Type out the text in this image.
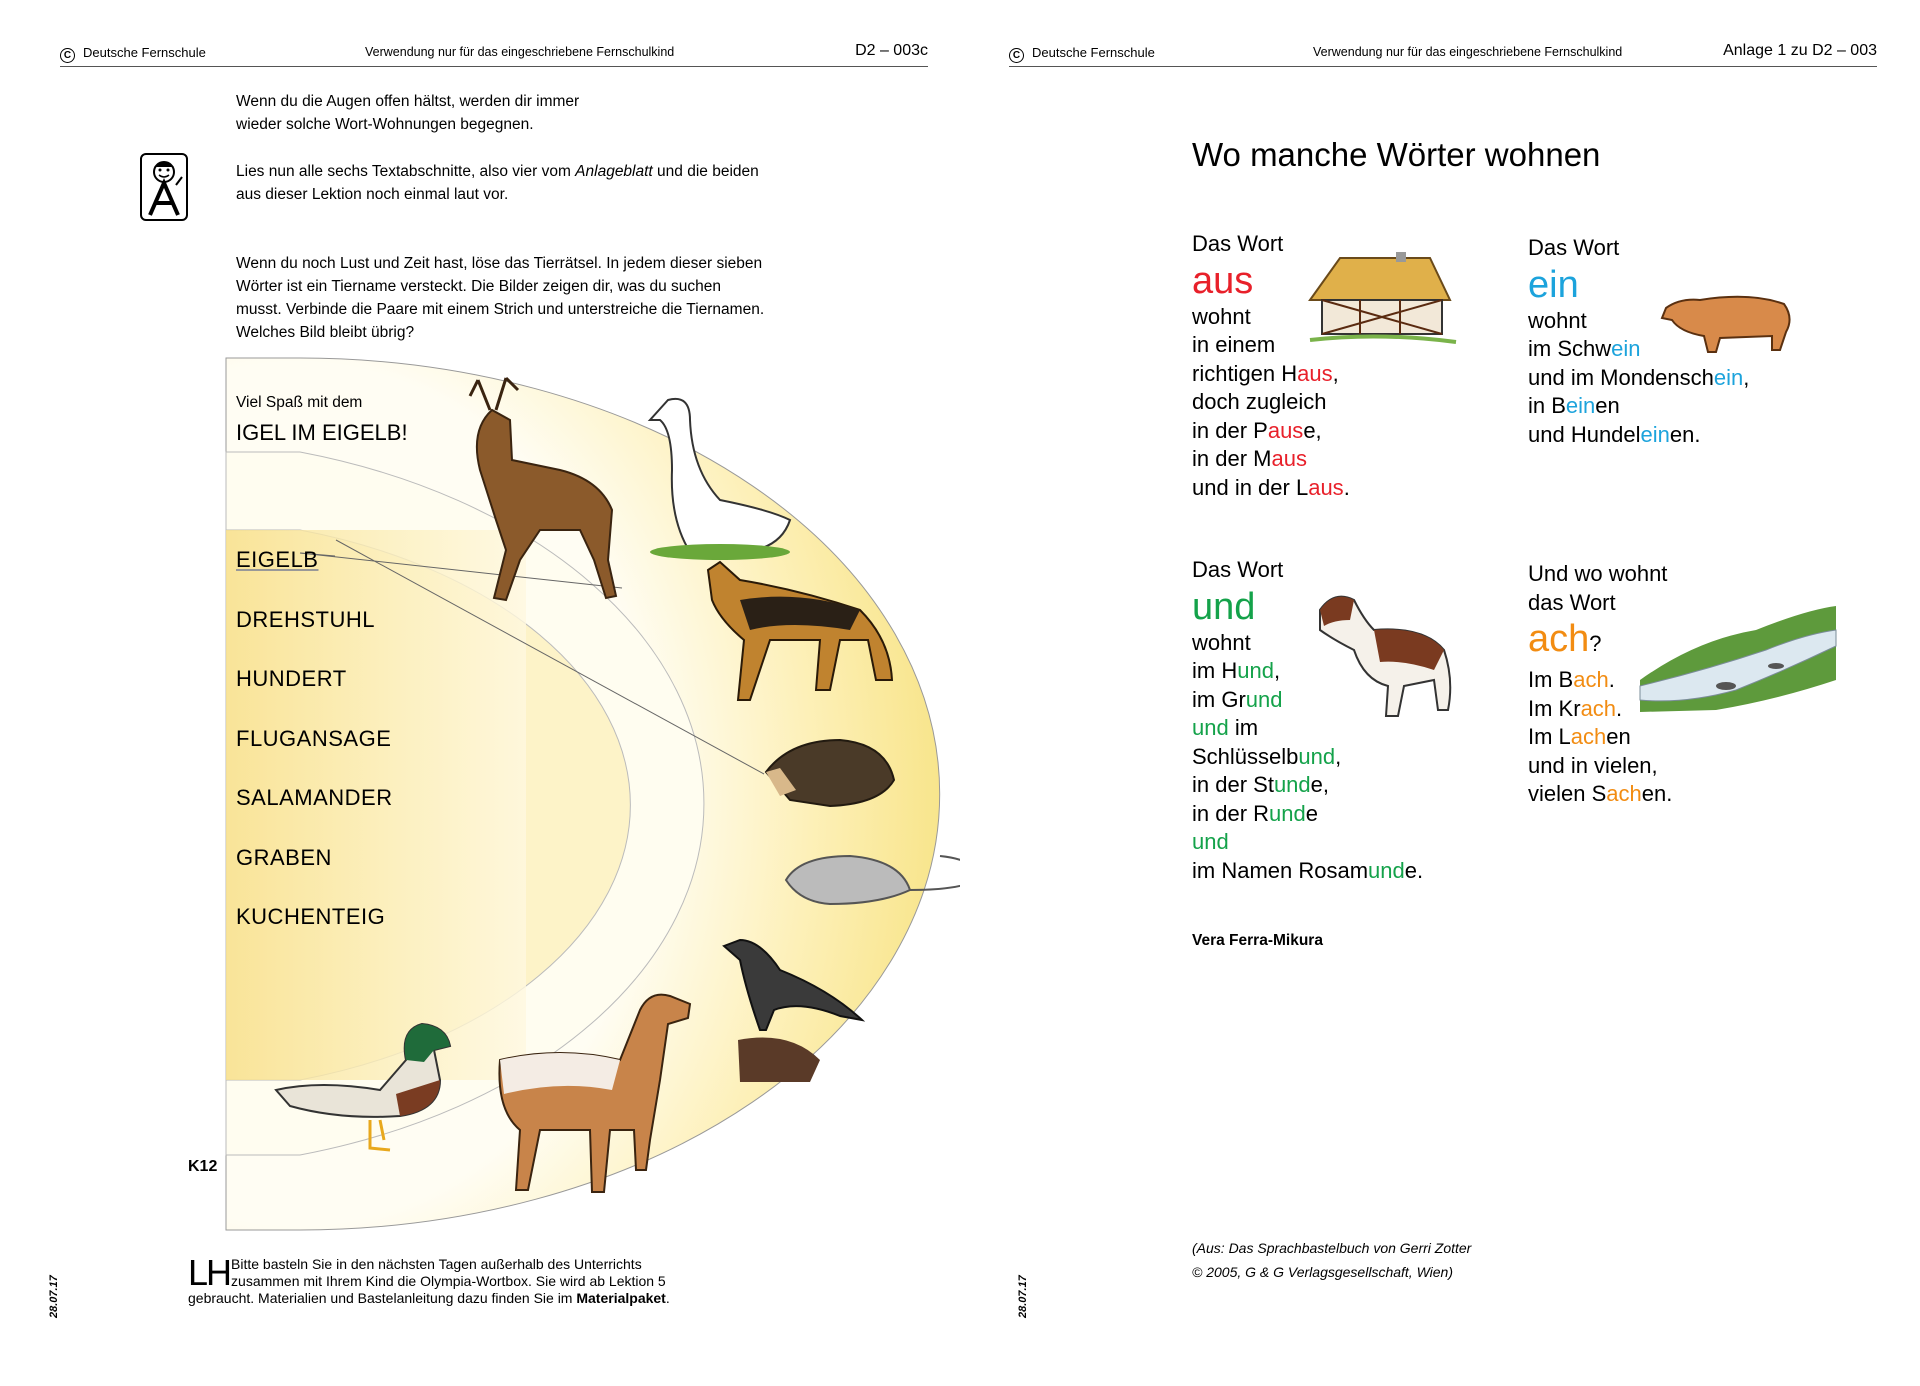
C Deutsche Fernschule	Verwendung nur für das eingeschriebene Fernschulkind	D2 – 003c
Wenn du die Augen offen hältst, werden dir immer
wieder solche Wort-Wohnungen begegnen.
Lies nun alle sechs Textabschnitte, also vier vom Anlageblatt und die beiden
aus dieser Lektion noch einmal laut vor.
Wenn du noch Lust und Zeit hast, löse das Tierrätsel. In jedem dieser sieben
Wörter ist ein Tiername versteckt. Die Bilder zeigen dir, was du suchen
musst. Verbinde die Paare mit einem Strich und unterstreiche die Tiernamen.
Welches Bild bleibt übrig?
Viel Spaß mit dem
IGEL IM EIGELB!
EIGELB
DREHSTUHL
HUNDERT
FLUGANSAGE
SALAMANDER
GRABEN
KUCHENTEIG
K12
LH Bitte basteln Sie in den nächsten Tagen außerhalb des Unterrichts
zusammen mit Ihrem Kind die Olympia-Wortbox. Sie wird ab Lektion 5
gebraucht. Materialien und Bastelanleitung dazu finden Sie im Materialpaket.
28.07.17
C Deutsche Fernschule	Verwendung nur für das eingeschriebene Fernschulkind	Anlage 1 zu D2 – 003
28.07.17
Wo manche Wörter wohnen
Das Wort
aus
wohnt
in einem
richtigen Haus,
doch zugleich
in der Pause,
in der Maus
und in der Laus.
Das Wort
ein
wohnt
im Schwein
und im Mondenschein,
in Beinen
und Hundeleinen.
Das Wort
und
wohnt
im Hund,
im Grund
und im
Schlüsselbund,
in der Stunde,
in der Runde
und
im Namen Rosamunde.
Und wo wohnt
das Wort
ach?
Im Bach.
Im Krach.
Im Lachen
und in vielen,
vielen Sachen.
Vera Ferra-Mikura
(Aus: Das Sprachbastelbuch von Gerri Zotter
© 2005, G & G Verlagsgesellschaft, Wien)
